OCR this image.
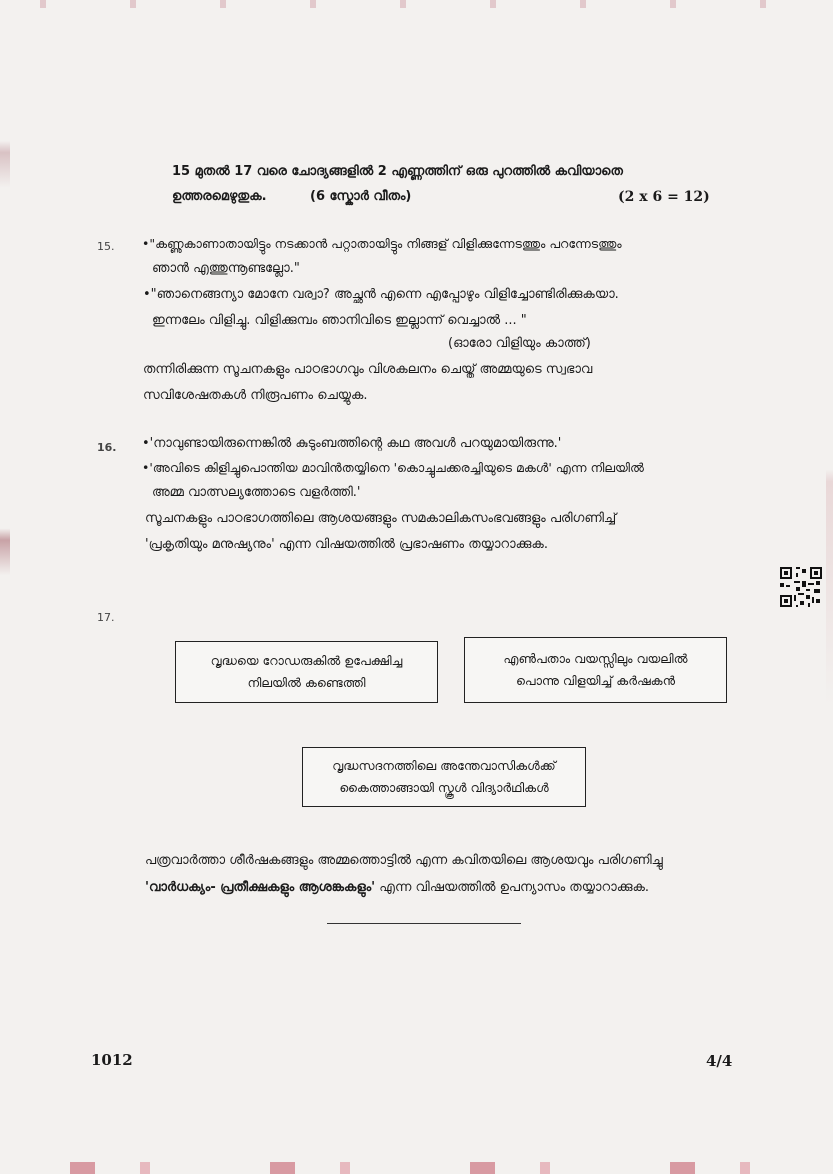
15 മുതൽ 17 വരെ ചോദ്യങ്ങളിൽ 2 എണ്ണത്തിന് ഒരു പുറത്തിൽ കവിയാതെ
ഉത്തരമെഴുതുക.	(6 സ്കോർ വീതം)	(2 x 6 = 12)
15. •"കണ്ണുകാണാതായിട്ടും നടക്കാൻ പറ്റാതായിട്ടും നിങ്ങള് വിളിക്കുന്നേടത്തും പറന്നേടത്തും
ഞാൻ എത്തുന്നൂണ്ടല്ലോ."
•"ഞാനെങ്ങന്യാ മോനേ വര്വാ? അച്ഛൻ എന്നെ എപ്പോഴും വിളിച്ചോണ്ടിരിക്കുകയാ.
ഇന്നലേം വിളിച്ചു. വിളിക്കുമ്പം ഞാനിവിടെ ഇല്ലാന്ന് വെച്ചാൽ ... "
(ഓരോ വിളിയും കാത്ത്)
തന്നിരിക്കുന്ന സൂചനകളും പാഠഭാഗവും വിശകലനം ചെയ്ത് അമ്മയുടെ സ്വഭാവ
സവിശേഷതകൾ നിരൂപണം ചെയ്യുക.
16. •'നാവുണ്ടായിരുന്നെങ്കിൽ കുടുംബത്തിന്റെ കഥ അവൾ പറയുമായിരുന്നു.'
•'അവിടെ കിളിച്ചുപൊന്തിയ മാവിൻതയ്യിനെ 'കൊച്ചുചക്കരച്ചിയുടെ മകൾ' എന്ന നിലയിൽ
അമ്മ വാത്സല്യത്തോടെ വളർത്തി.'
സൂചനകളും പാഠഭാഗത്തിലെ ആശയങ്ങളും സമകാലികസംഭവങ്ങളും പരിഗണിച്ച്
'പ്രകൃതിയും മനുഷ്യനും' എന്ന വിഷയത്തിൽ പ്രഭാഷണം തയ്യാറാക്കുക.
17.
വൃദ്ധയെ റോഡരുകിൽ ഉപേക്ഷിച്ച
നിലയിൽ കണ്ടെത്തി
എൺപതാം വയസ്സിലും വയലിൽ
പൊന്നു വിളയിച്ച് കർഷകൻ
വൃദ്ധസദനത്തിലെ അന്തേവാസികൾക്ക്
കൈത്താങ്ങായി സ്കൂൾ വിദ്യാർഥികൾ
പത്രവാർത്താ ശീർഷകങ്ങളും അമ്മത്തൊട്ടിൽ എന്ന കവിതയിലെ ആശയവും പരിഗണിച്ചു
'വാർധക്യം- പ്രതീക്ഷകളും ആശങ്കകളും' എന്ന വിഷയത്തിൽ ഉപന്യാസം തയ്യാറാക്കുക.
1012	4/4
